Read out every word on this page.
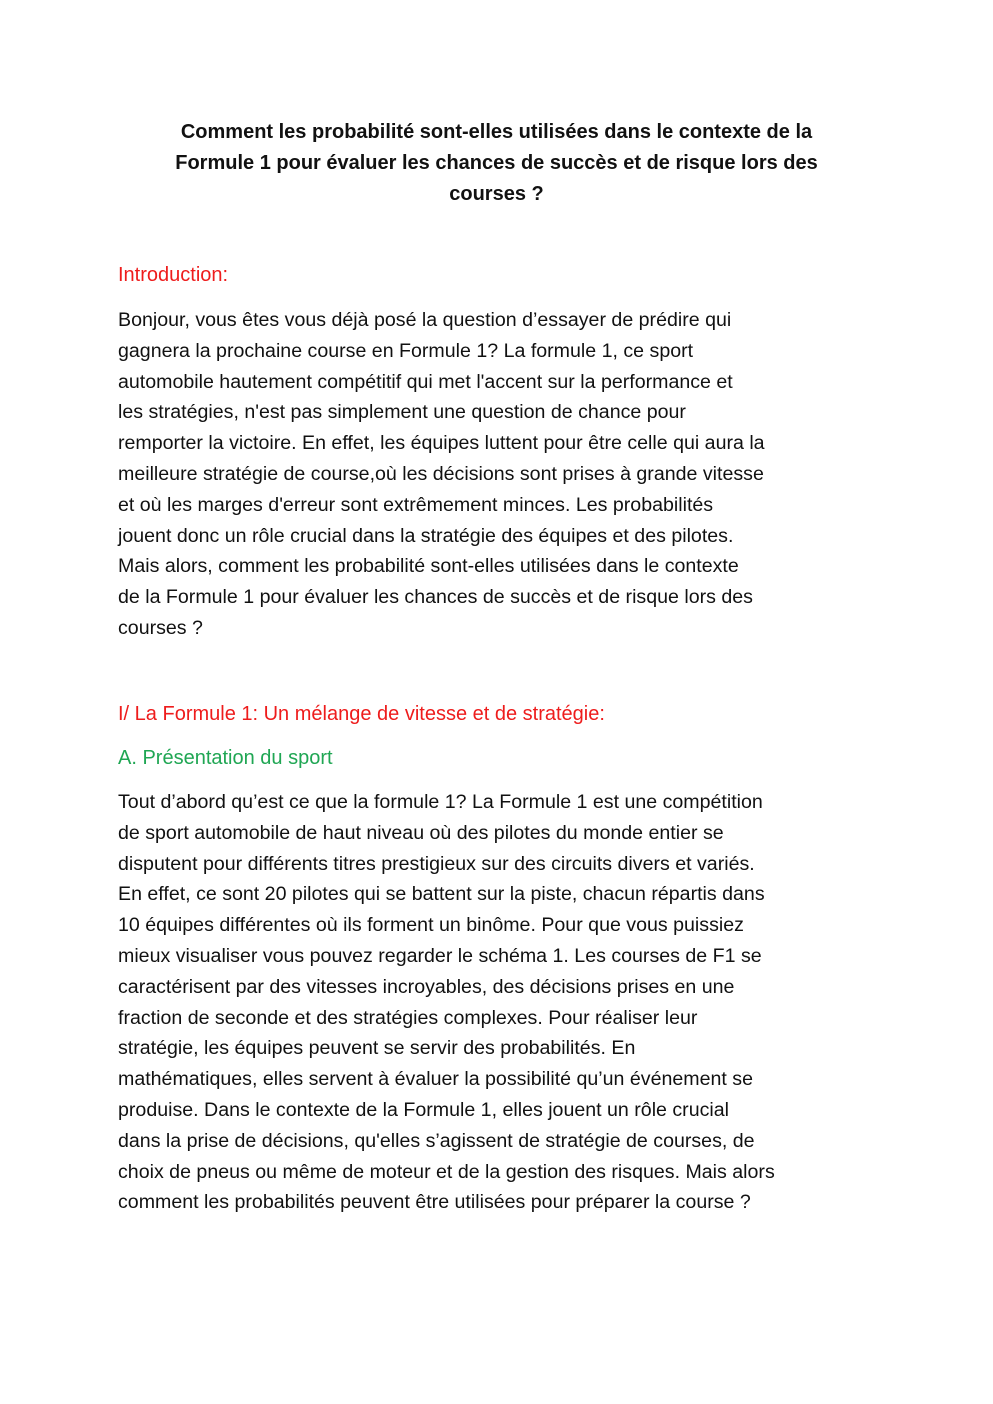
Comment les probabilité sont-elles utilisées dans le contexte de la
Formule 1 pour évaluer les chances de succès et de risque lors des
courses ?
Introduction:

Bonjour, vous êtes vous déjà posé la question d’essayer de prédire qui
gagnera la prochaine course en Formule 1? La formule 1, ce sport
automobile hautement compétitif qui met l'accent sur la performance et
les stratégies, n'est pas simplement une question de chance pour
remporter la victoire. En effet, les équipes luttent pour être celle qui aura la
meilleure stratégie de course,où les décisions sont prises à grande vitesse
et où les marges d'erreur sont extrêmement minces. Les probabilités
jouent donc un rôle crucial dans la stratégie des équipes et des pilotes.
Mais alors, comment les probabilité sont-elles utilisées dans le contexte
de la Formule 1 pour évaluer les chances de succès et de risque lors des
courses ?

I/ La Formule 1: Un mélange de vitesse et de stratégie:
A. Présentation du sport

Tout d’abord qu’est ce que la formule 1? La Formule 1 est une compétition
de sport automobile de haut niveau où des pilotes du monde entier se
disputent pour différents titres prestigieux sur des circuits divers et variés.
En effet, ce sont 20 pilotes qui se battent sur la piste, chacun répartis dans
10 équipes différentes où ils forment un binôme. Pour que vous puissiez
mieux visualiser vous pouvez regarder le schéma 1. Les courses de F1 se
caractérisent par des vitesses incroyables, des décisions prises en une
fraction de seconde et des stratégies complexes. Pour réaliser leur
stratégie, les équipes peuvent se servir des probabilités. En
mathématiques, elles servent à évaluer la possibilité qu’un événement se
produise. Dans le contexte de la Formule 1, elles jouent un rôle crucial
dans la prise de décisions, qu'elles s’agissent de stratégie de courses, de
choix de pneus ou même de moteur et de la gestion des risques. Mais alors
comment les probabilités peuvent être utilisées pour préparer la course ?
